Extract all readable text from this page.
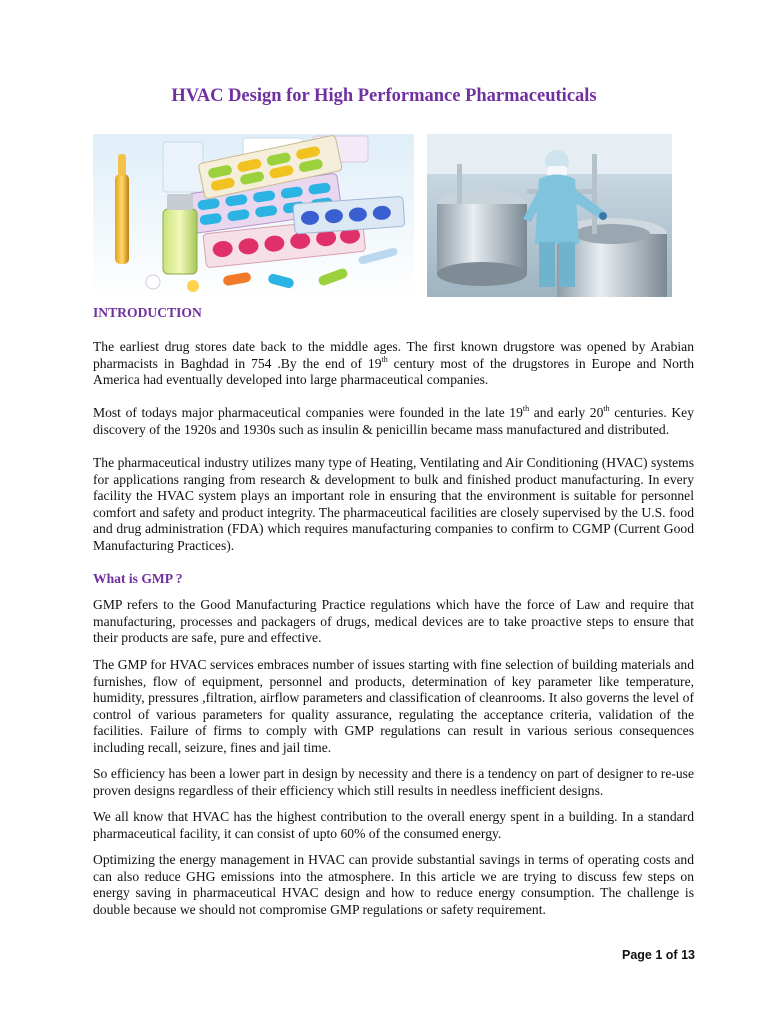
HVAC Design for High Performance Pharmaceuticals
INTRODUCTION
The earliest drug stores date back to the middle ages. The first known drugstore was opened by Arabian pharmacists in Baghdad in 754 .By the end of 19th century most of the drugstores in Europe and North America had eventually developed into large pharmaceutical companies.
Most of todays major pharmaceutical companies were founded in the late 19th and early 20th centuries. Key discovery of the 1920s and 1930s such as insulin & penicillin became mass manufactured and distributed.
The pharmaceutical industry utilizes many type of Heating, Ventilating and Air Conditioning (HVAC) systems for applications ranging from research & development to bulk and finished product manufacturing. In every facility the HVAC system plays an important role in ensuring that the environment is suitable for personnel comfort and safety and product integrity. The pharmaceutical facilities are closely supervised by the U.S. food and drug administration (FDA) which requires manufacturing companies to confirm to CGMP (Current Good Manufacturing Practices).
What is GMP ?
GMP refers to the Good Manufacturing Practice regulations which have the force of Law and require that manufacturing, processes and packagers of drugs, medical devices are to take proactive steps to ensure that their products are safe, pure and effective.
The GMP for HVAC services embraces number of issues starting with fine selection of building materials and furnishes, flow of equipment, personnel and products, determination of key parameter like temperature, humidity, pressures ,filtration, airflow parameters and classification of cleanrooms. It also governs the level of control of various parameters for quality assurance, regulating the acceptance criteria, validation of the facilities. Failure of firms to comply with GMP regulations can result in various serious consequences including recall, seizure, fines and jail time.
So efficiency has been a lower part in design by necessity and there is a tendency on part of designer to re-use proven designs regardless of their efficiency which still results in needless inefficient designs.
We all know that HVAC has the highest contribution to the overall energy spent in a building. In a standard pharmaceutical facility, it can consist of upto 60% of the consumed energy.
Optimizing the energy management in HVAC can provide substantial savings in terms of operating costs and can also reduce GHG emissions into the atmosphere. In this article we are trying to discuss few steps on energy saving in pharmaceutical HVAC design and how to reduce energy consumption. The challenge is double because we should not compromise GMP regulations or safety requirement.
Page 1 of 13
